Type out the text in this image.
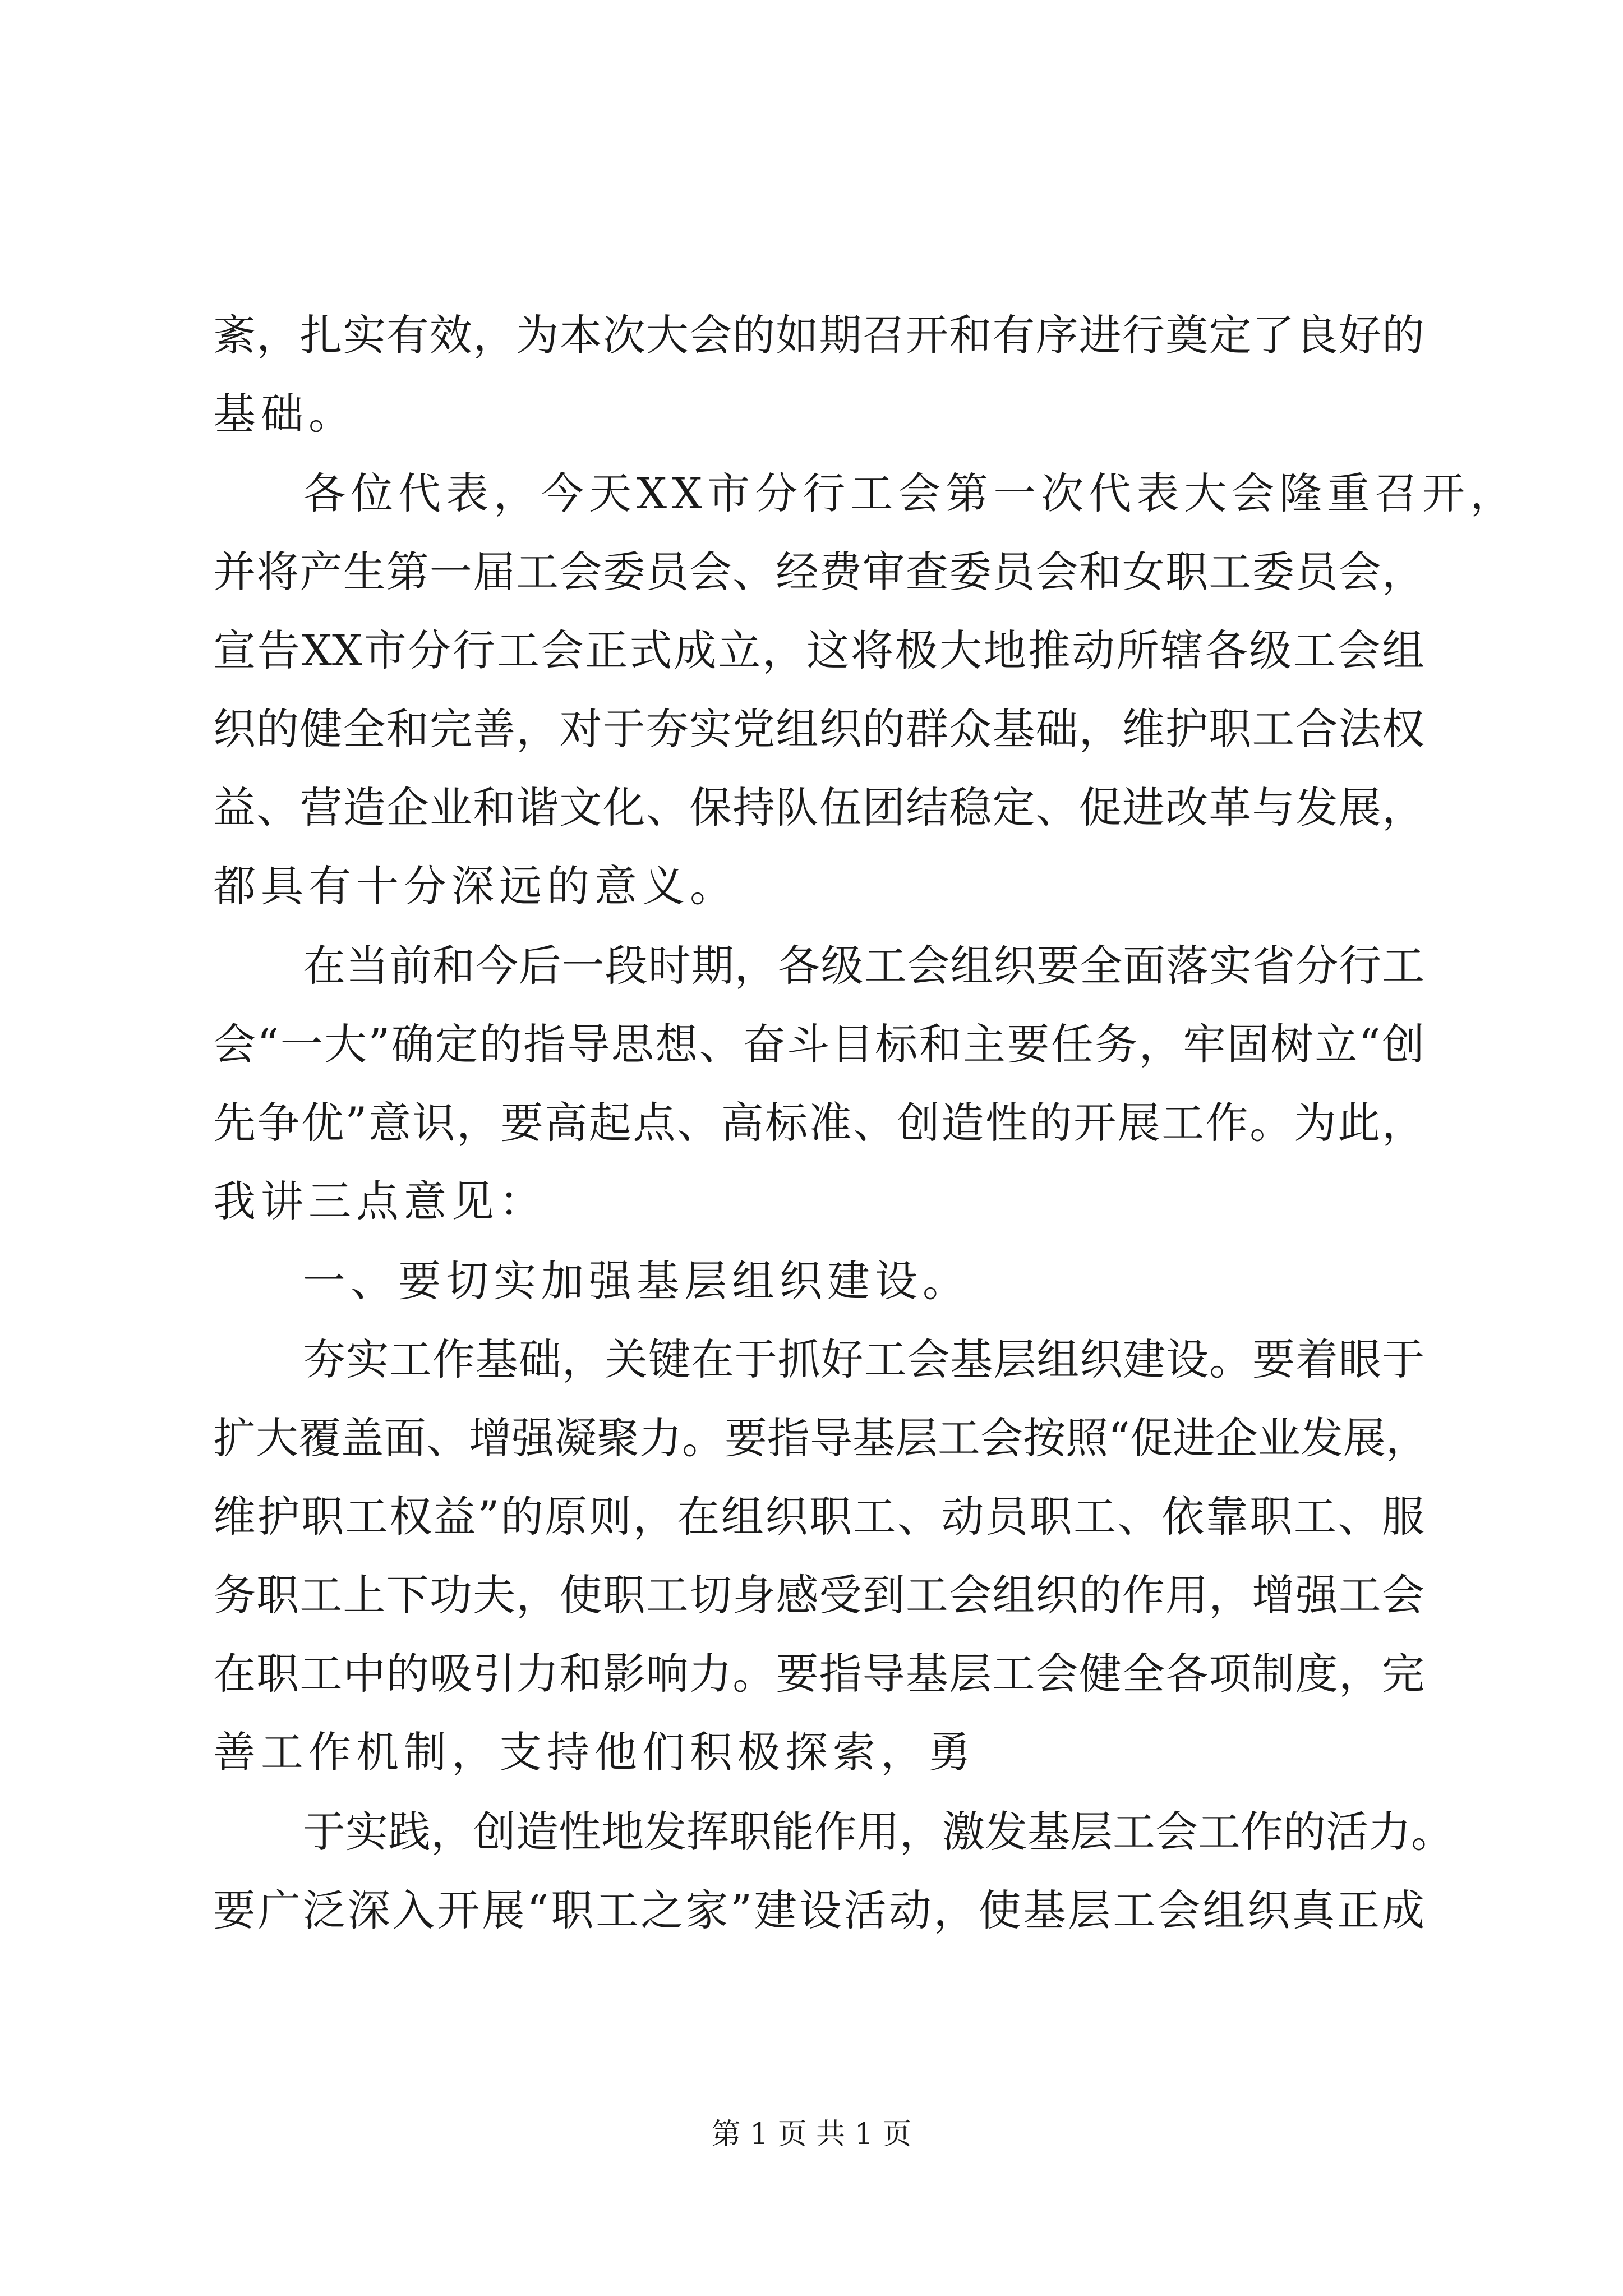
紊，扎实有效，为本次大会的如期召开和有序进行奠定了良好的
基础。
各位代表，今天XX市分行工会第一次代表大会隆重召开，
并将产生第一届工会委员会、经费审查委员会和女职工委员会，
宣告XX市分行工会正式成立，这将极大地推动所辖各级工会组
织的健全和完善，对于夯实党组织的群众基础，维护职工合法权
益、营造企业和谐文化、保持队伍团结稳定、促进改革与发展，
都具有十分深远的意义。
在当前和今后一段时期，各级工会组织要全面落实省分行工
会“一大”确定的指导思想、奋斗目标和主要任务，牢固树立“创
先争优”意识，要高起点、高标准、创造性的开展工作。为此，
我讲三点意见：
一、要切实加强基层组织建设。
夯实工作基础，关键在于抓好工会基层组织建设。要着眼于
扩大覆盖面、增强凝聚力。要指导基层工会按照“促进企业发展，
维护职工权益”的原则，在组织职工、动员职工、依靠职工、服
务职工上下功夫，使职工切身感受到工会组织的作用，增强工会
在职工中的吸引力和影响力。要指导基层工会健全各项制度，完
善工作机制，支持他们积极探索，勇
于实践，创造性地发挥职能作用，激发基层工会工作的活力。
要广泛深入开展“职工之家”建设活动，使基层工会组织真正成
第 1 页 共 1 页
